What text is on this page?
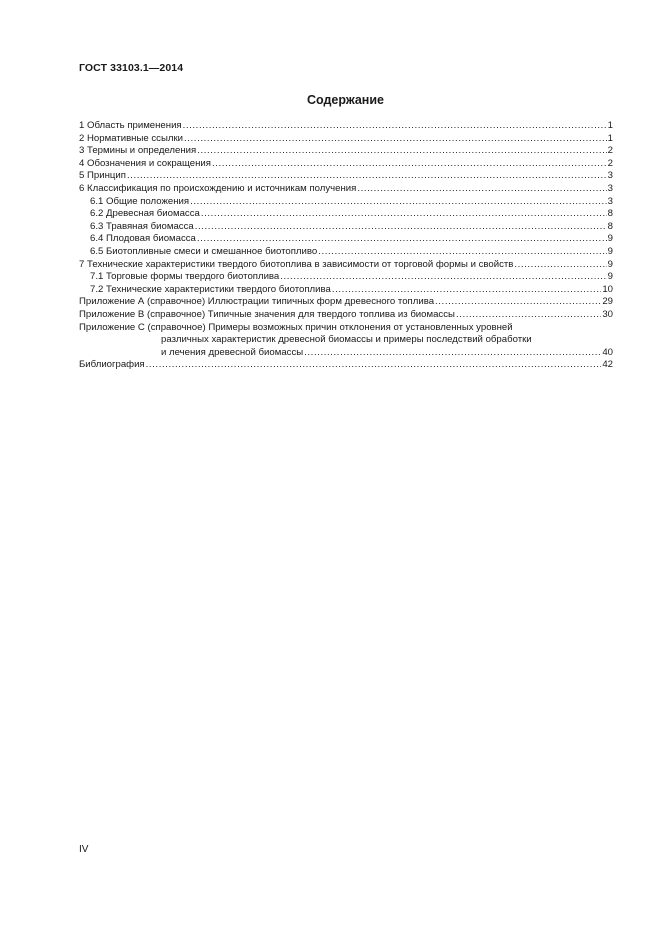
ГОСТ 33103.1—2014
Содержание
1 Область применения .....	1
2 Нормативные ссылки .....	1
3 Термины и определения .....	2
4 Обозначения и сокращения .....	2
5 Принцип .....	3
6 Классификация по происхождению и источникам получения .....	3
6.1 Общие положения .....	3
6.2 Древесная биомасса .....	8
6.3 Травяная биомасса .....	8
6.4 Плодовая биомасса .....	9
6.5 Биотопливные смеси и смешанное биотопливо .....	9
7 Технические характеристики твердого биотоплива в зависимости от торговой формы и свойств .....	9
7.1 Торговые формы твердого биотоплива .....	9
7.2 Технические характеристики твердого биотоплива .....	10
Приложение А (справочное) Иллюстрации типичных форм древесного топлива .....	29
Приложение В (справочное) Типичные значения для твердого топлива из биомассы .....	30
Приложение С (справочное) Примеры возможных причин отклонения от установленных уровней
различных характеристик древесной биомассы и примеры последствий обработки
и лечения древесной биомассы .....	40
Библиография .....	42
IV
